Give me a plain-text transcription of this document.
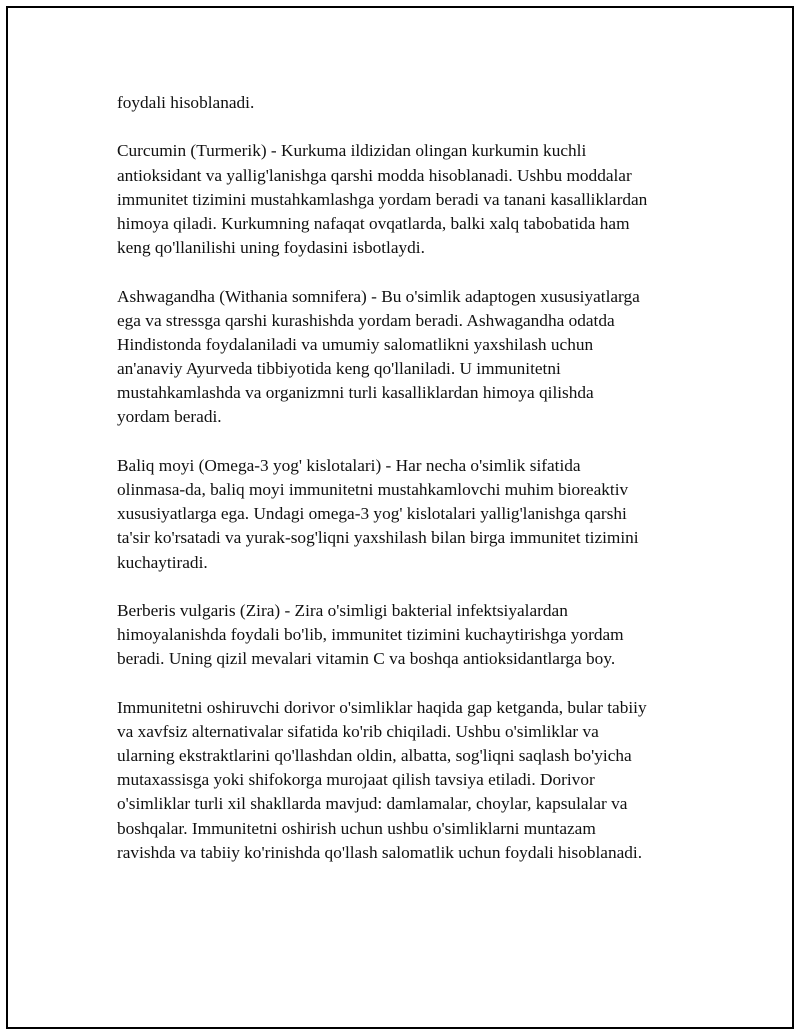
foydali hisoblanadi.
Curcumin (Turmerik) - Kurkuma ildizidan olingan kurkumin kuchli
antioksidant va yallig'lanishga qarshi modda hisoblanadi. Ushbu moddalar
immunitet tizimini mustahkamlashga yordam beradi va tanani kasalliklardan
himoya qiladi. Kurkumning nafaqat ovqatlarda, balki xalq tabobatida ham
keng qo'llanilishi uning foydasini isbotlaydi.
Ashwagandha (Withania somnifera) - Bu o'simlik adaptogen xususiyatlarga
ega va stressga qarshi kurashishda yordam beradi. Ashwagandha odatda
Hindistonda foydalaniladi va umumiy salomatlikni yaxshilash uchun
an'anaviy Ayurveda tibbiyotida keng qo'llaniladi. U immunitetni
mustahkamlashda va organizmni turli kasalliklardan himoya qilishda
yordam beradi.
Baliq moyi (Omega-3 yog' kislotalari) - Har necha o'simlik sifatida
olinmasa-da, baliq moyi immunitetni mustahkamlovchi muhim bioreaktiv
xususiyatlarga ega. Undagi omega-3 yog' kislotalari yallig'lanishga qarshi
ta'sir ko'rsatadi va yurak-sog'liqni yaxshilash bilan birga immunitet tizimini
kuchaytiradi.
Berberis vulgaris (Zira) - Zira o'simligi bakterial infektsiyalardan
himoyalanishda foydali bo'lib, immunitet tizimini kuchaytirishga yordam
beradi. Uning qizil mevalari vitamin C va boshqa antioksidantlarga boy.
Immunitetni oshiruvchi dorivor o'simliklar haqida gap ketganda, bular tabiiy
va xavfsiz alternativalar sifatida ko'rib chiqiladi. Ushbu o'simliklar va
ularning ekstraktlarini qo'llashdan oldin, albatta, sog'liqni saqlash bo'yicha
mutaxassisga yoki shifokorga murojaat qilish tavsiya etiladi. Dorivor
o'simliklar turli xil shakllarda mavjud: damlamalar, choylar, kapsulalar va
boshqalar. Immunitetni oshirish uchun ushbu o'simliklarni muntazam
ravishda va tabiiy ko'rinishda qo'llash salomatlik uchun foydali hisoblanadi.
